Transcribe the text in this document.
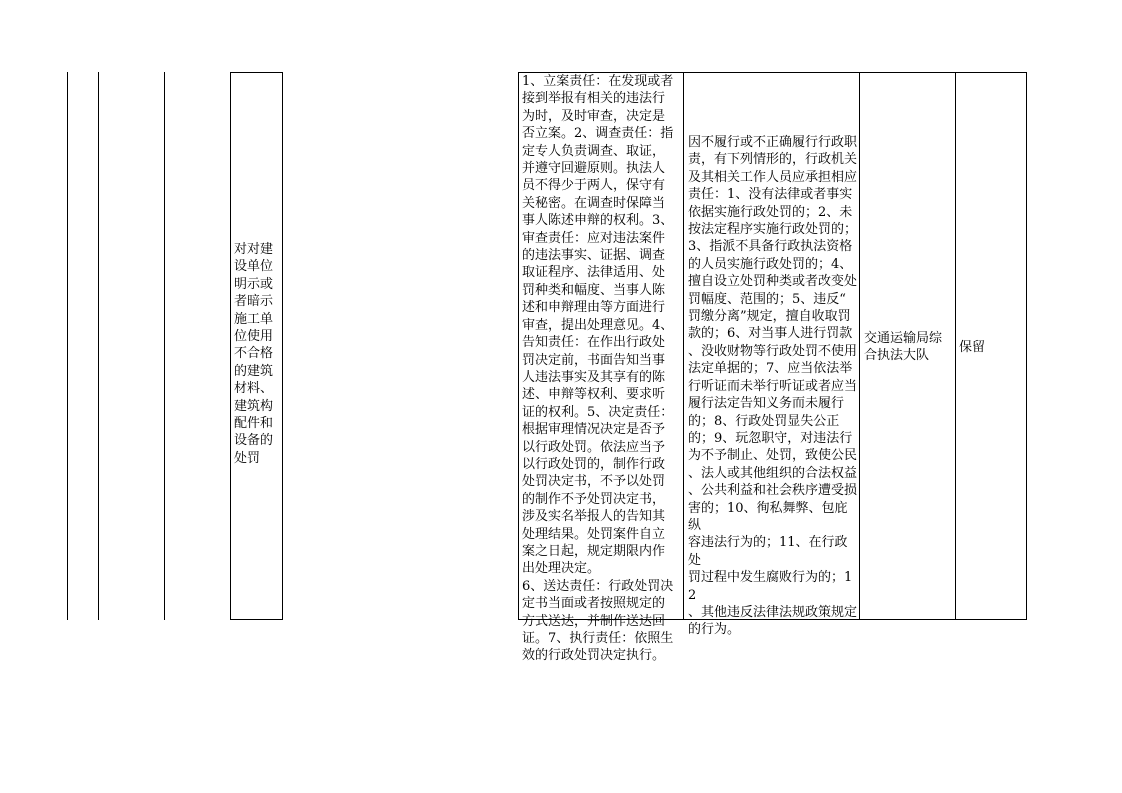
对对建
设单位
明示或
者暗示
施工单
位使用
不合格
的建筑
材料、
建筑构
配件和
设备的
处罚
1、立案责任：在发现或者
接到举报有相关的违法行
为时，及时审查，决定是
否立案。2、调查责任：指
定专人负责调查、取证，
并遵守回避原则。执法人
员不得少于两人，保守有
关秘密。在调查时保障当
事人陈述申辩的权利。3、
审查责任：应对违法案件
的违法事实、证据、调查
取证程序、法律适用、处
罚种类和幅度、当事人陈
述和申辩理由等方面进行
审查，提出处理意见。4、
告知责任：在作出行政处
罚决定前，书面告知当事
人违法事实及其享有的陈
述、申辩等权利、要求听
证的权利。5、决定责任：
根据审理情况决定是否予
以行政处罚。依法应当予
以行政处罚的，制作行政
处罚决定书，不予以处罚
的制作不予处罚决定书，
涉及实名举报人的告知其
处理结果。处罚案件自立
案之日起，规定期限内作
出处理决定。
6、送达责任：行政处罚决
定书当面或者按照规定的
方式送达，并制作送达回
证。7、执行责任：依照生
效的行政处罚决定执行。
因不履行或不正确履行行政职
责，有下列情形的，行政机关
及其相关工作人员应承担相应
责任：1、没有法律或者事实
依据实施行政处罚的；2、未
按法定程序实施行政处罚的；
3、指派不具备行政执法资格
的人员实施行政处罚的；4、
擅自设立处罚种类或者改变处
罚幅度、范围的；5、违反“
罚缴分离”规定，擅自收取罚
款的；6、对当事人进行罚款
、没收财物等行政处罚不使用
法定单据的；7、应当依法举
行听证而未举行听证或者应当
履行法定告知义务而未履行
的；8、行政处罚显失公正
的；9、玩忽职守，对违法行
为不予制止、处罚，致使公民
、法人或其他组织的合法权益
、公共利益和社会秩序遭受损
害的；10、徇私舞弊、包庇纵
容违法行为的；11、在行政处
罚过程中发生腐败行为的；12
、其他违反法律法规政策规定
的行为。
交通运输局综
合执法大队
保留
